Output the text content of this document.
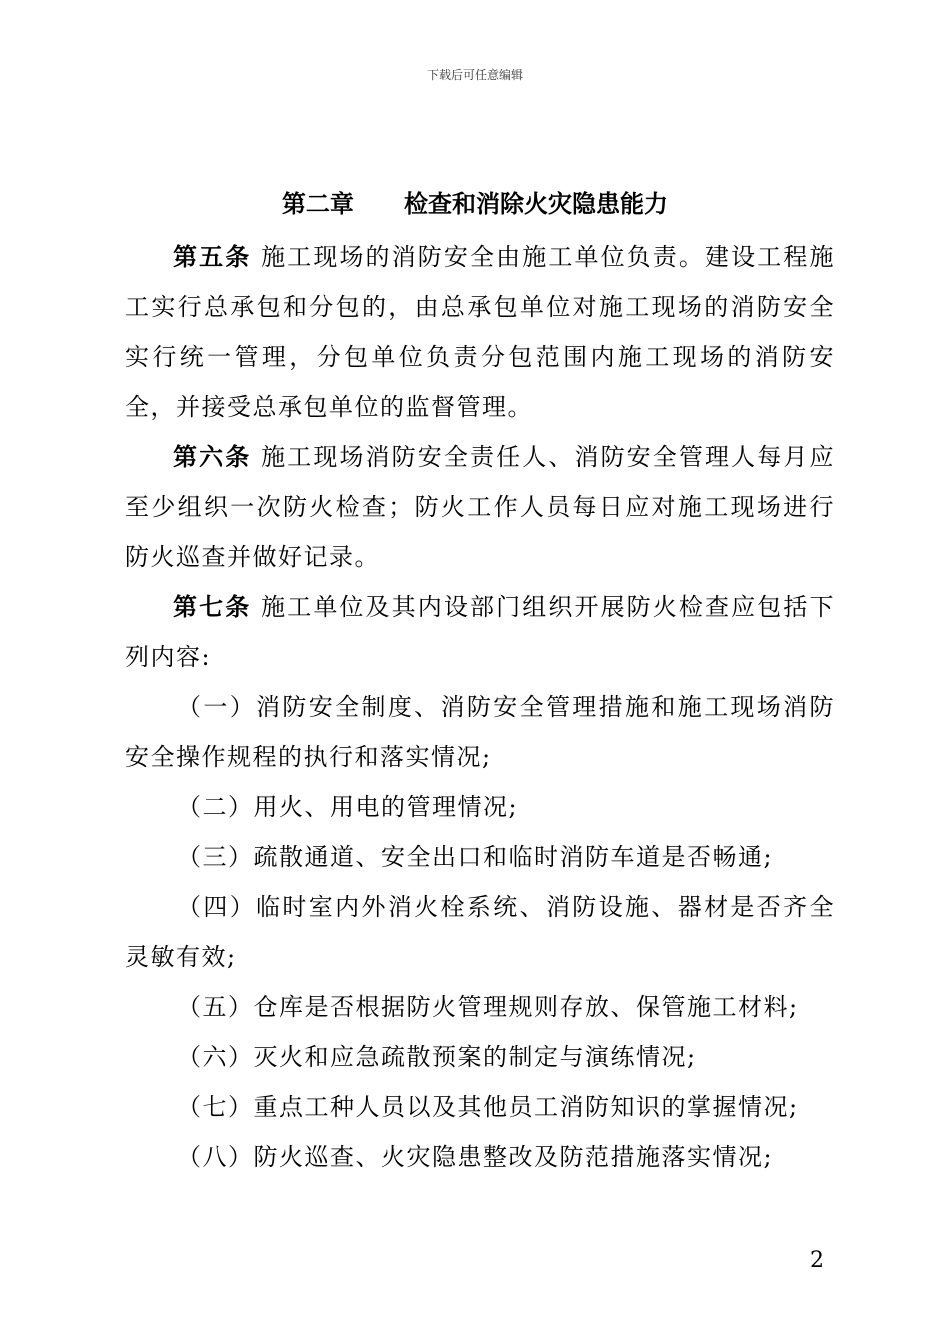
下载后可任意编辑
第二章      检查和消除火灾隐患能力

第五条 施工现场的消防安全由施工单位负责。建设工程施工实行总承包和分包的，由总承包单位对施工现场的消防安全实行统一管理，分包单位负责分包范围内施工现场的消防安全，并接受总承包单位的监督管理。

第六条 施工现场消防安全责任人、消防安全管理人每月应至少组织一次防火检查；防火工作人员每日应对施工现场进行防火巡查并做好记录。

第七条 施工单位及其内设部门组织开展防火检查应包括下列内容:

（一）消防安全制度、消防安全管理措施和施工现场消防安全操作规程的执行和落实情况;

（二）用火、用电的管理情况;

（三）疏散通道、安全出口和临时消防车道是否畅通;

（四）临时室内外消火栓系统、消防设施、器材是否齐全灵敏有效;

（五）仓库是否根据防火管理规则存放、保管施工材料;

（六）灭火和应急疏散预案的制定与演练情况;

（七）重点工种人员以及其他员工消防知识的掌握情况;

（八）防火巡查、火灾隐患整改及防范措施落实情况;

2
